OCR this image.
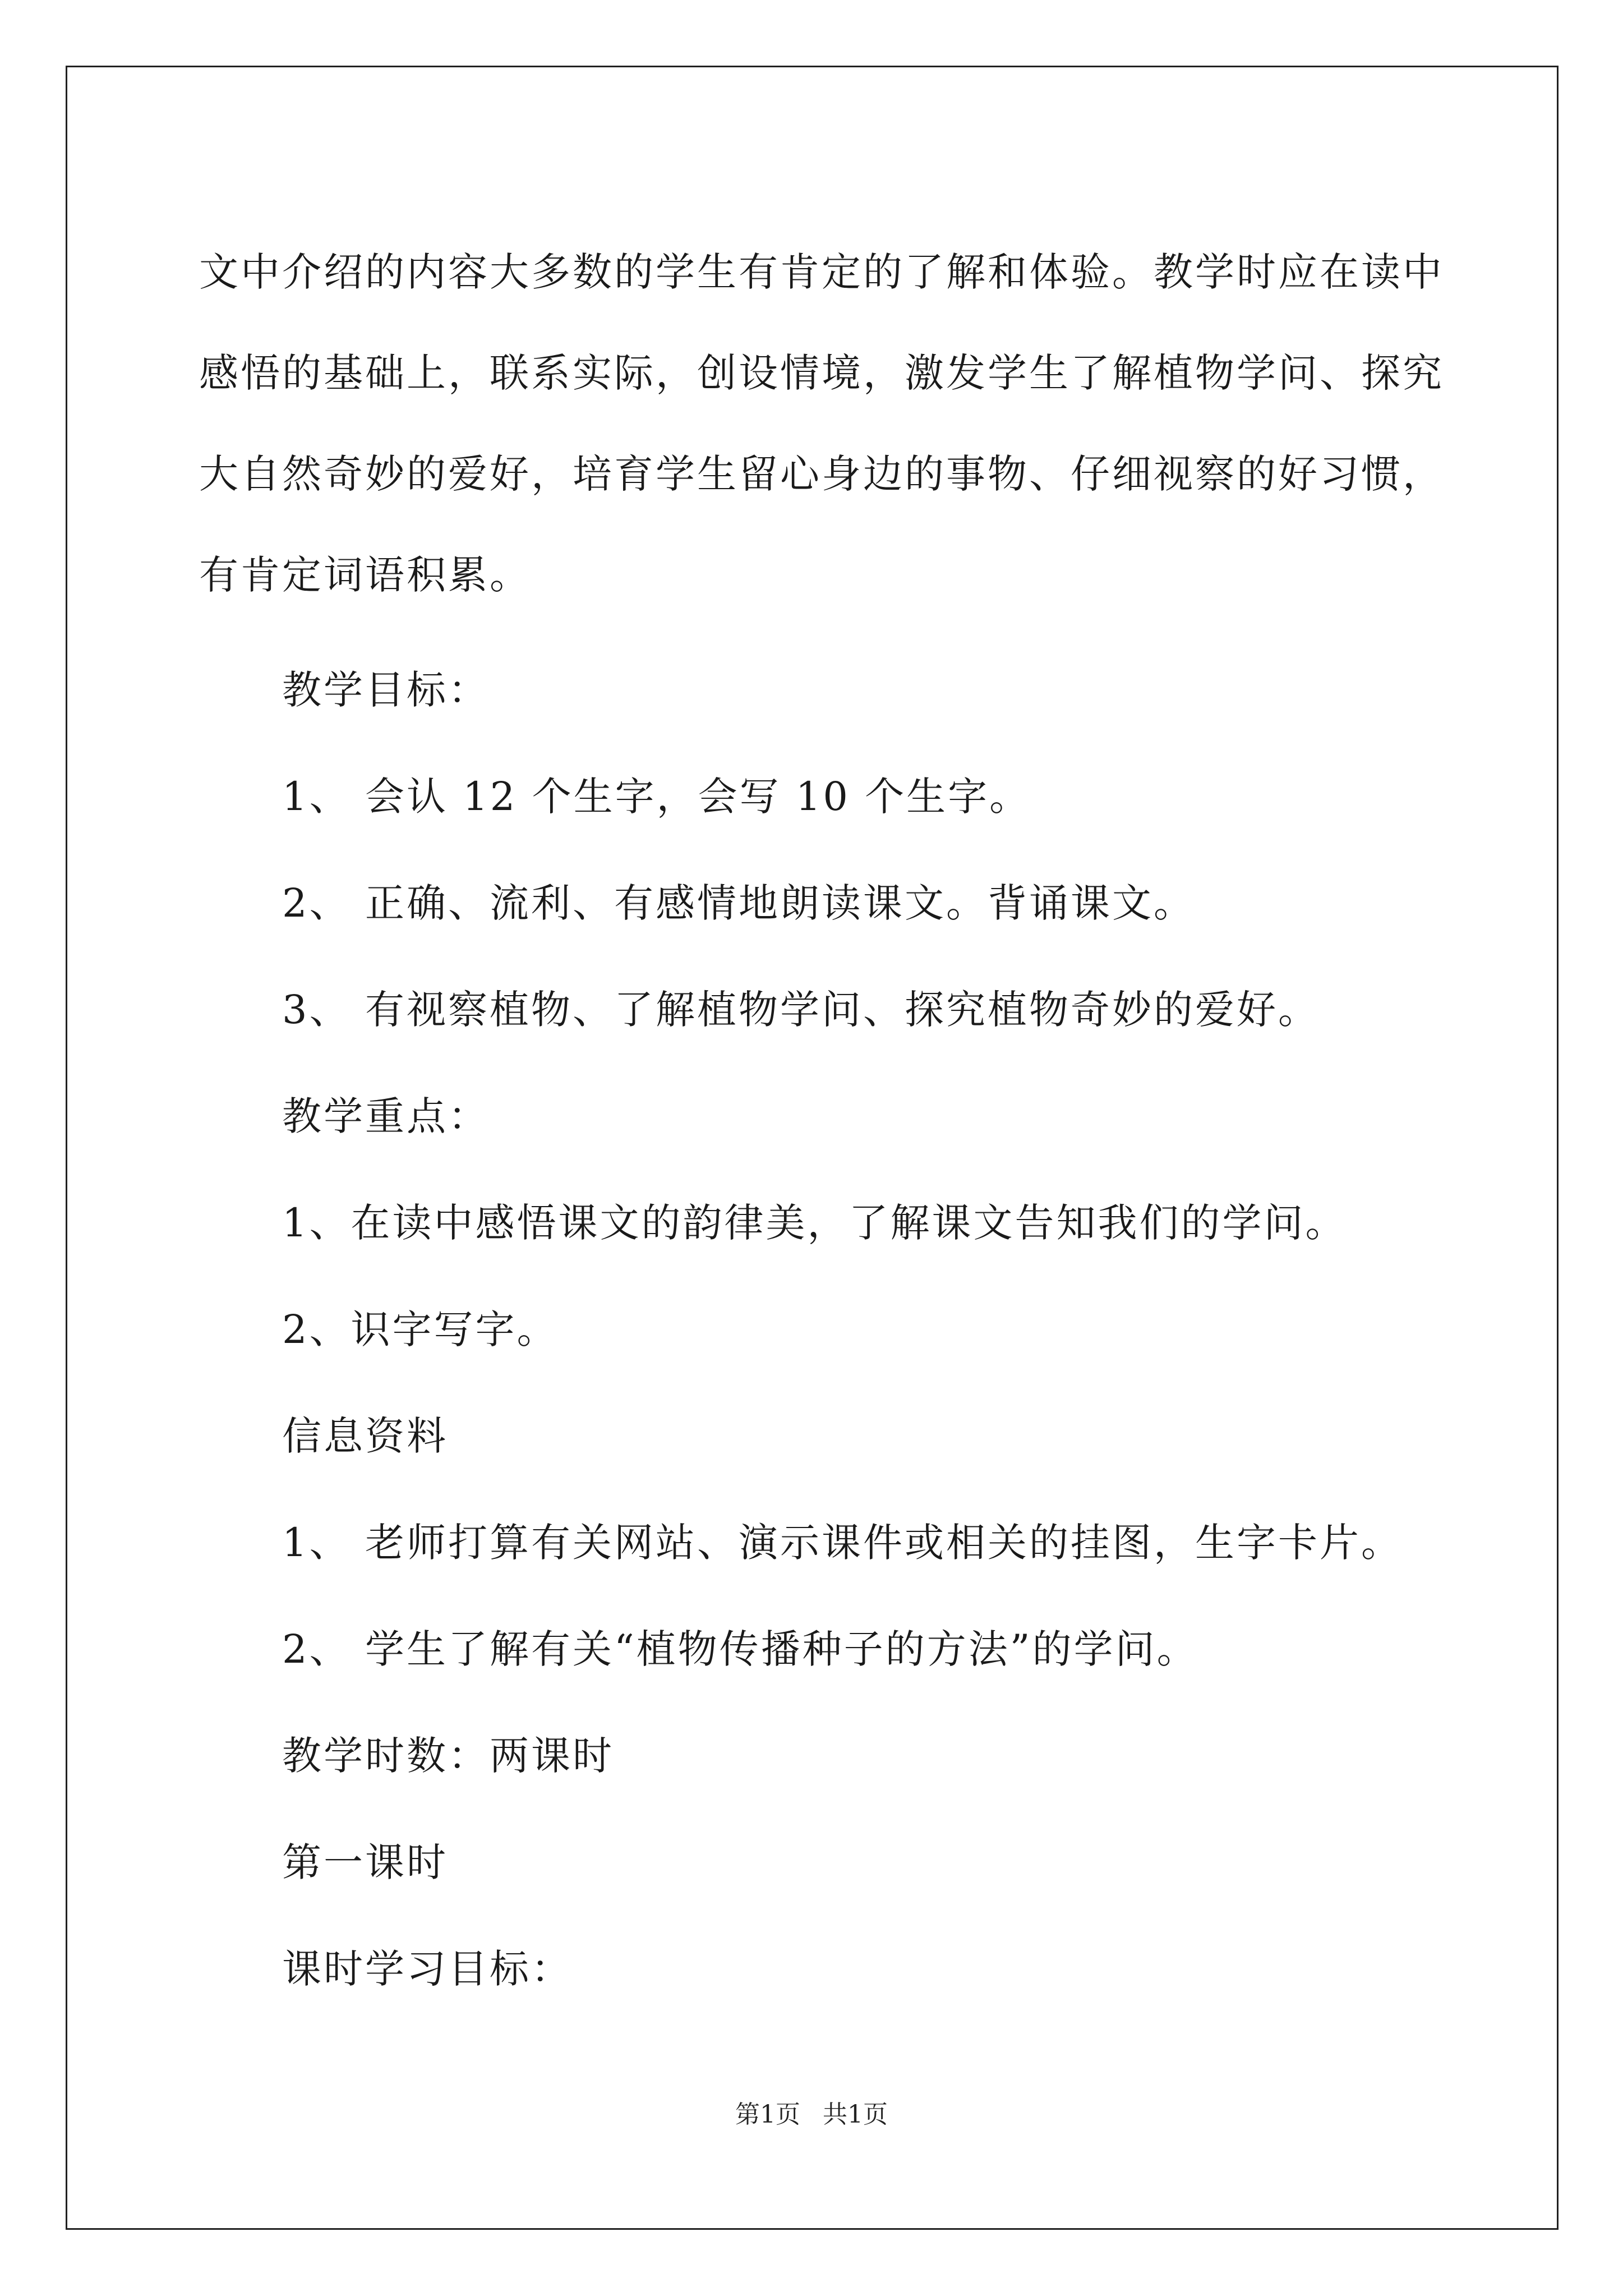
文中介绍的内容大多数的学生有肯定的了解和体验。教学时应在读中
感悟的基础上，联系实际，创设情境，激发学生了解植物学问、探究
大自然奇妙的爱好，培育学生留心身边的事物、仔细视察的好习惯，
有肯定词语积累。
教学目标：
1、 会认 12 个生字，会写 10 个生字。
2、 正确、流利、有感情地朗读课文。背诵课文。
3、 有视察植物、了解植物学问、探究植物奇妙的爱好。
教学重点：
1、在读中感悟课文的韵律美，了解课文告知我们的学问。
2、识字写字。
信息资料
1、 老师打算有关网站、演示课件或相关的挂图，生字卡片。
2、 学生了解有关“植物传播种子的方法”的学问。
教学时数：两课时
第一课时
课时学习目标：
第1页 共1页
